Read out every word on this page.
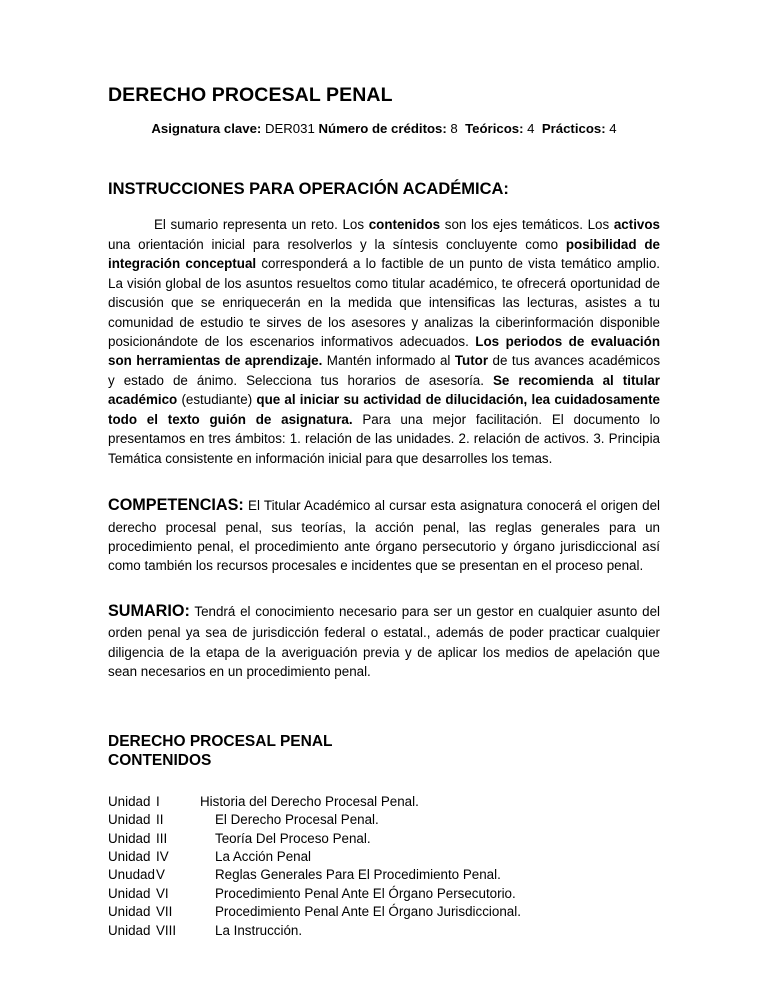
DERECHO PROCESAL PENAL

Asignatura clave: DER031 Número de créditos: 8 Teóricos: 4 Prácticos: 4

INSTRUCCIONES PARA OPERACIÓN ACADÉMICA:

El sumario representa un reto. Los contenidos son los ejes temáticos. Los activos una orientación inicial para resolverlos y la síntesis concluyente como posibilidad de integración conceptual corresponderá a lo factible de un punto de vista temático amplio. La visión global de los asuntos resueltos como titular académico, te ofrecerá oportunidad de discusión que se enriquecerán en la medida que intensificas las lecturas, asistes a tu comunidad de estudio te sirves de los asesores y analizas la ciberinformación disponible posicionándote de los escenarios informativos adecuados. Los periodos de evaluación son herramientas de aprendizaje. Mantén informado al Tutor de tus avances académicos y estado de ánimo. Selecciona tus horarios de asesoría. Se recomienda al titular académico (estudiante) que al iniciar su actividad de dilucidación, lea cuidadosamente todo el texto guión de asignatura. Para una mejor facilitación. El documento lo presentamos en tres ámbitos: 1. relación de las unidades. 2. relación de activos. 3. Principia Temática consistente en información inicial para que desarrolles los temas.

COMPETENCIAS: El Titular Académico al cursar esta asignatura conocerá el origen del derecho procesal penal, sus teorías, la acción penal, las reglas generales para un procedimiento penal, el procedimiento ante órgano persecutorio y órgano jurisdiccional así como también los recursos procesales e incidentes que se presentan en el proceso penal.

SUMARIO: Tendrá el conocimiento necesario para ser un gestor en cualquier asunto del orden penal ya sea de jurisdicción federal o estatal., además de poder practicar cualquier diligencia de la etapa de la averiguación previa y de aplicar los medios de apelación que sean necesarios en un procedimiento penal.

DERECHO PROCESAL PENAL
CONTENIDOS
Unidad I	Historia del Derecho Procesal Penal.
Unidad II	El Derecho Procesal Penal.
Unidad III	Teoría Del Proceso Penal.
Unidad IV	La Acción Penal
Unudad V	Reglas Generales Para El Procedimiento Penal.
Unidad VI	Procedimiento Penal Ante El Órgano Persecutorio.
Unidad VII	Procedimiento Penal Ante El Órgano Jurisdiccional.
Unidad VIII	La Instrucción.
